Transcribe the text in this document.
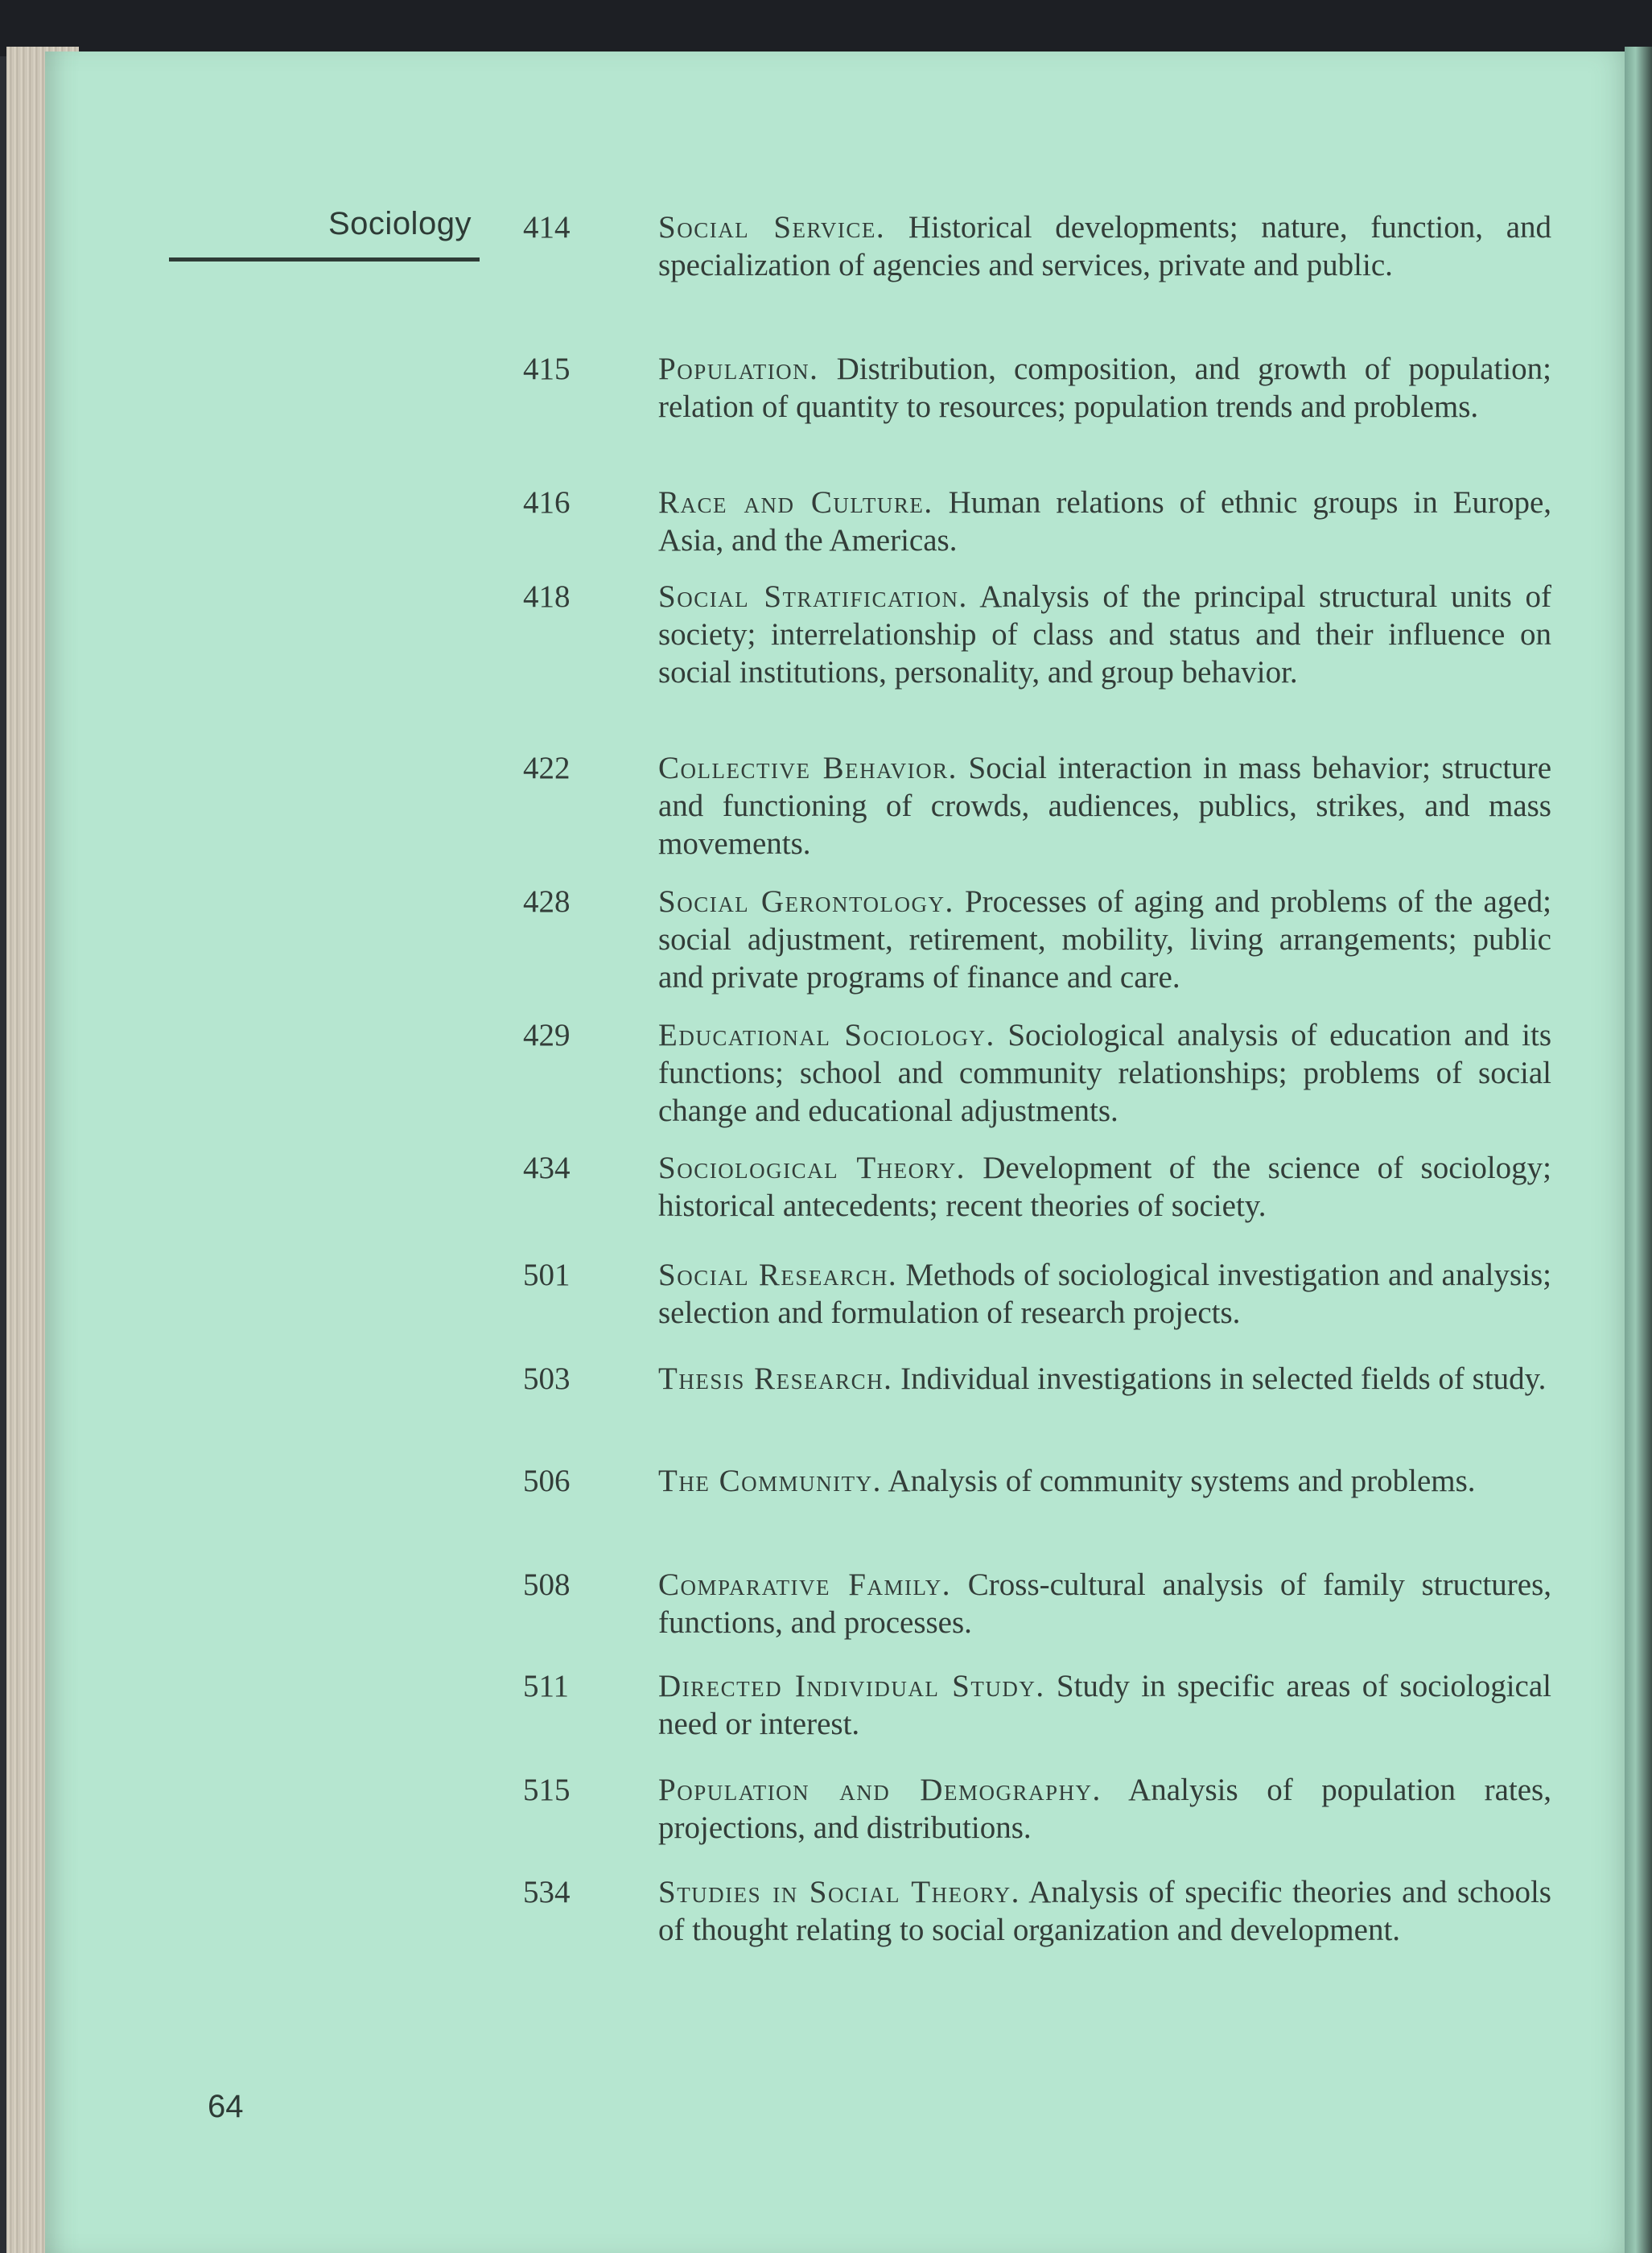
Sociology 414	Social Service. Historical developments; nature, function, and specialization of agencies and services, private and public.
415	Population. Distribution, composition, and growth of population; relation of quantity to resources; population trends and problems.
416	Race and Culture. Human relations of ethnic groups in Europe, Asia, and the Americas.
418	Social Stratification. Analysis of the principal structural units of society; interrelationship of class and status and their influence on social institutions, personality, and group behavior.
422	Collective Behavior. Social interaction in mass behavior; structure and functioning of crowds, audiences, publics, strikes, and mass movements.
428	Social Gerontology. Processes of aging and problems of the aged; social adjustment, retirement, mobility, living arrangements; public and private programs of finance and care.
429	Educational Sociology. Sociological analysis of education and its functions; school and community relationships; problems of social change and educational adjustments.
434	Sociological Theory. Development of the science of sociology; historical antecedents; recent theories of society.
501	Social Research. Methods of sociological investigation and analysis; selection and formulation of research projects.
503	Thesis Research. Individual investigations in selected fields of study.
506	The Community. Analysis of community systems and problems.
508	Comparative Family. Cross-cultural analysis of family structures, functions, and processes.
511	Directed Individual Study. Study in specific areas of sociological need or interest.
515	Population and Demography. Analysis of population rates, projections, and distributions.
534	Studies in Social Theory. Analysis of specific theories and schools of thought relating to social organization and development.
64
